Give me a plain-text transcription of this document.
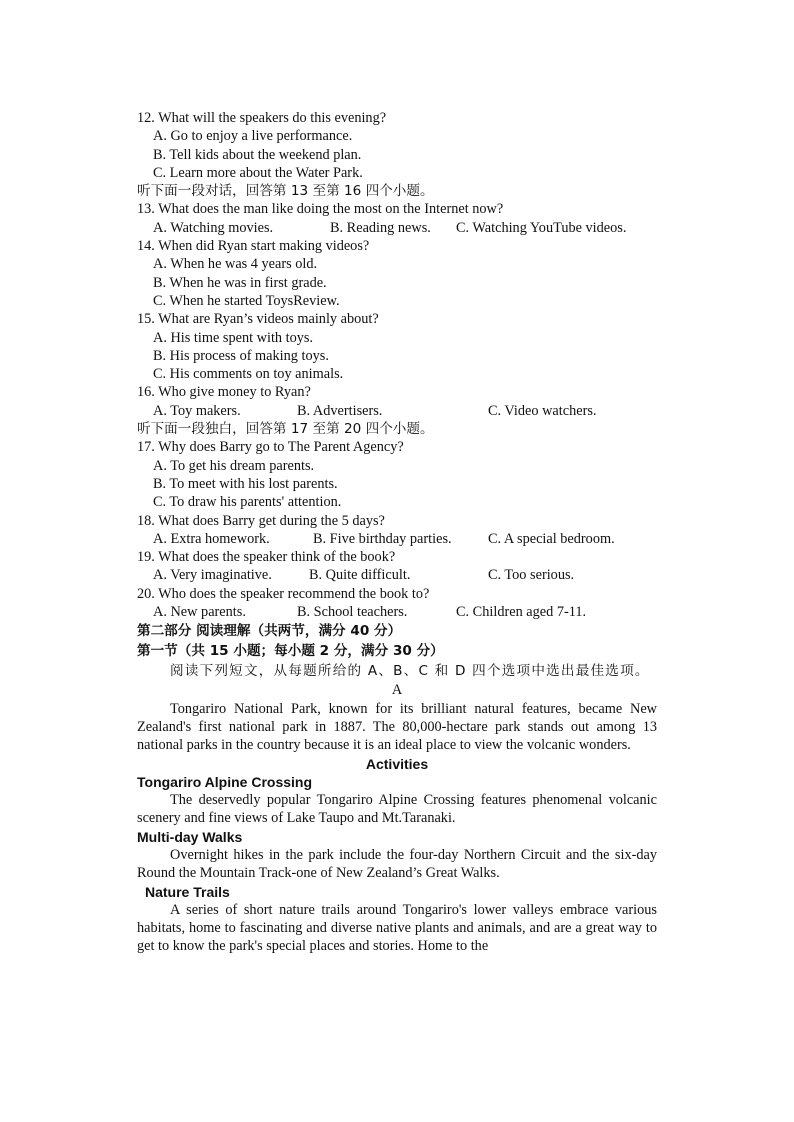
12. What will the speakers do this evening?
A. Go to enjoy a live performance.
B. Tell kids about the weekend plan.
C. Learn more about the Water Park.
听下面一段对话，回答第 13 至第 16 四个小题。
13. What does the man like doing the most on the Internet now?
A. Watching movies.	B. Reading news. C. Watching YouTube videos.
14. When did Ryan start making videos?
A. When he was 4 years old.
B. When he was in first grade.
C. When he started ToysReview.
15. What are Ryan’s videos mainly about?
A. His time spent with toys.
B. His process of making toys.
C. His comments on toy animals.
16. Who give money to Ryan?
A. Toy makers.	B. Advertisers.	C. Video watchers.
听下面一段独白，回答第 17 至第 20 四个小题。
17. Why does Barry go to The Parent Agency?
A. To get his dream parents.
B. To meet with his lost parents.
C. To draw his parents' attention.
18. What does Barry get during the 5 days?
A. Extra homework.	B. Five birthday parties.	C. A special bedroom.
19. What does the speaker think of the book?
A. Very imaginative.	B. Quite difficult.	C. Too serious.
20. Who does the speaker recommend the book to?
A. New parents.	B. School teachers.	C. Children aged 7-11.
第二部分 阅读理解（共两节，满分 40 分）
第一节（共 15 小题；每小题 2 分，满分 30 分）

阅读下列短文，从每题所给的 A、B、C 和 D 四个选项中选出最佳选项。

A

Tongariro National Park, known for its brilliant natural features, became New Zealand's first national park in 1887. The 80,000-hectare park stands out among 13 national parks in the country because it is an ideal place to view the volcanic wonders.

Activities
Tongariro Alpine Crossing

The deservedly popular Tongariro Alpine Crossing features phenomenal volcanic scenery and fine views of Lake Taupo and Mt.Taranaki.

Multi-day Walks

Overnight hikes in the park include the four-day Northern Circuit and the six-day Round the Mountain Track-one of New Zealand’s Great Walks.

Nature Trails

A series of short nature trails around Tongariro's lower valleys embrace various habitats, home to fascinating and diverse native plants and animals, and are a great way to get to know the park's special places and stories. Home to the
